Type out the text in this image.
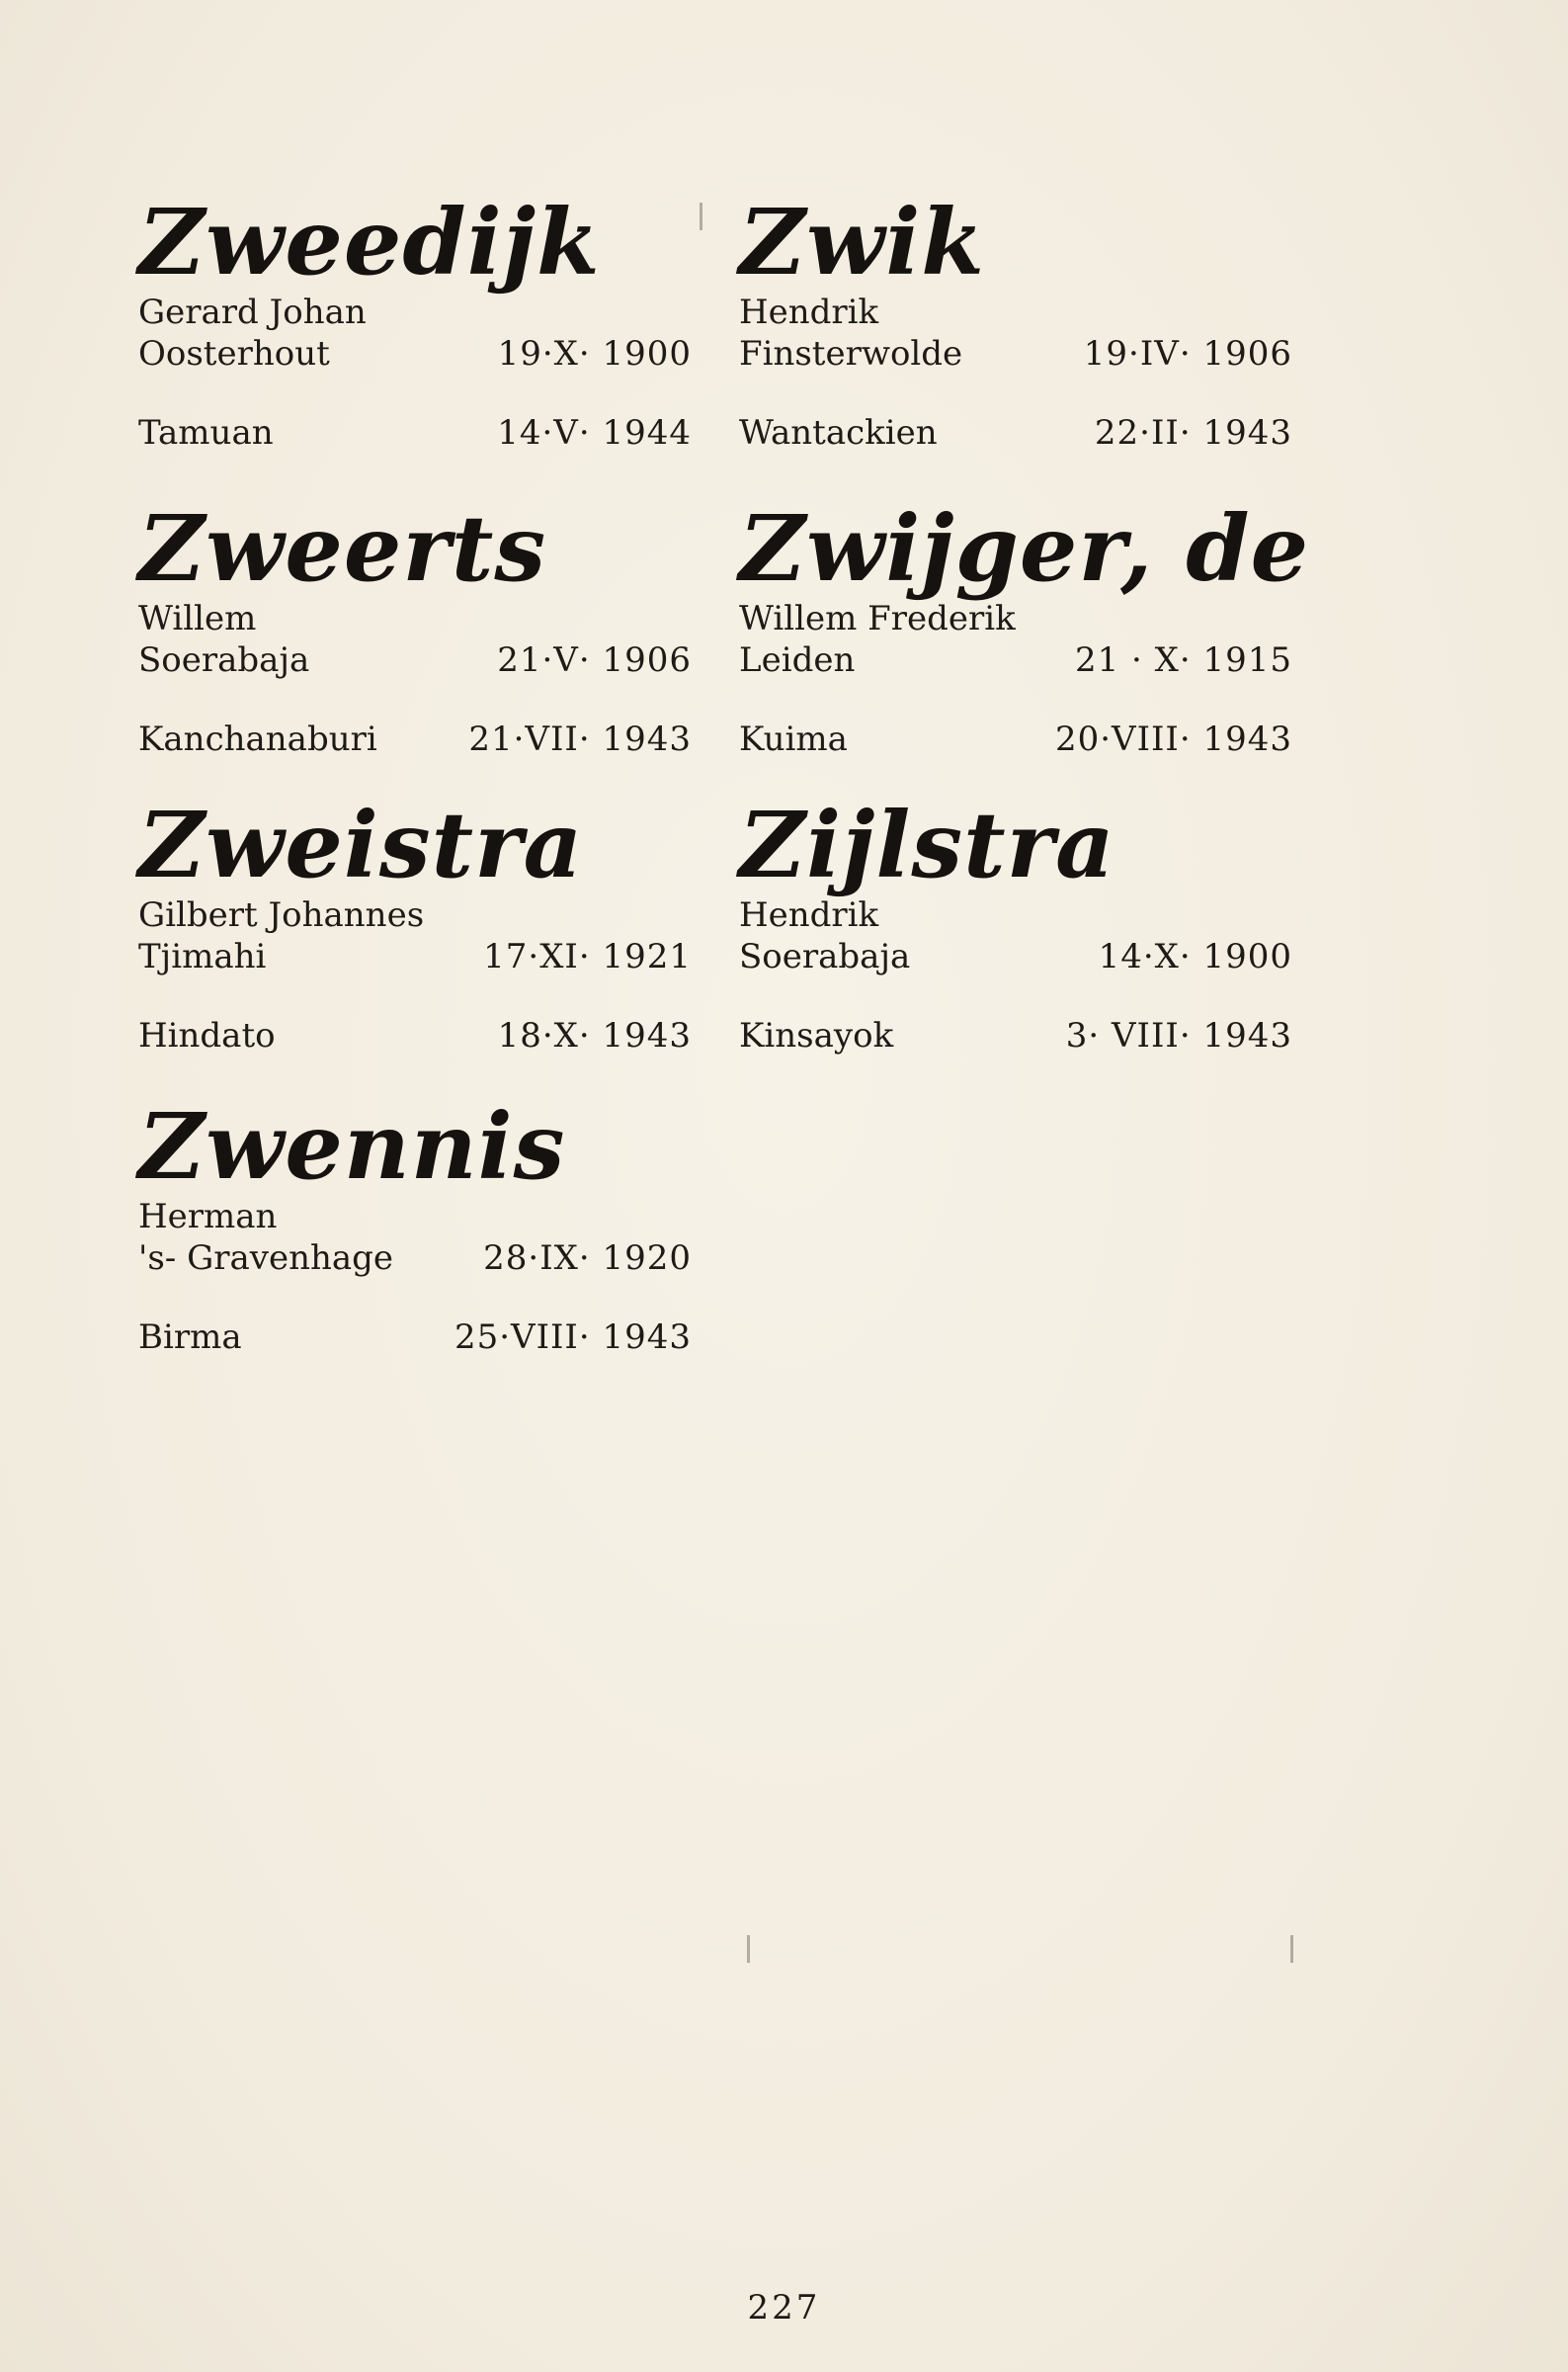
Zweedijk
Gerard Johan
Oosterhout	19·X· 1900
Tamuan	14·V· 1944
Zweerts
Willem
Soerabaja	21·V· 1906
Kanchanaburi	21·VII· 1943
Zweistra
Gilbert Johannes
Tjimahi	17·XI· 1921
Hindato	18·X· 1943
Zwennis
Herman
's- Gravenhage	28·IX· 1920
Birma	25·VIII· 1943
Zwik
Hendrik
Finsterwolde	19·IV· 1906
Wantackien	22·II· 1943
Zwijger, de
Willem Frederik
Leiden	21 · X· 1915
Kuima	20·VIII· 1943
Zijlstra
Hendrik
Soerabaja	14·X· 1900
Kinsayok	3· VIII· 1943
227
